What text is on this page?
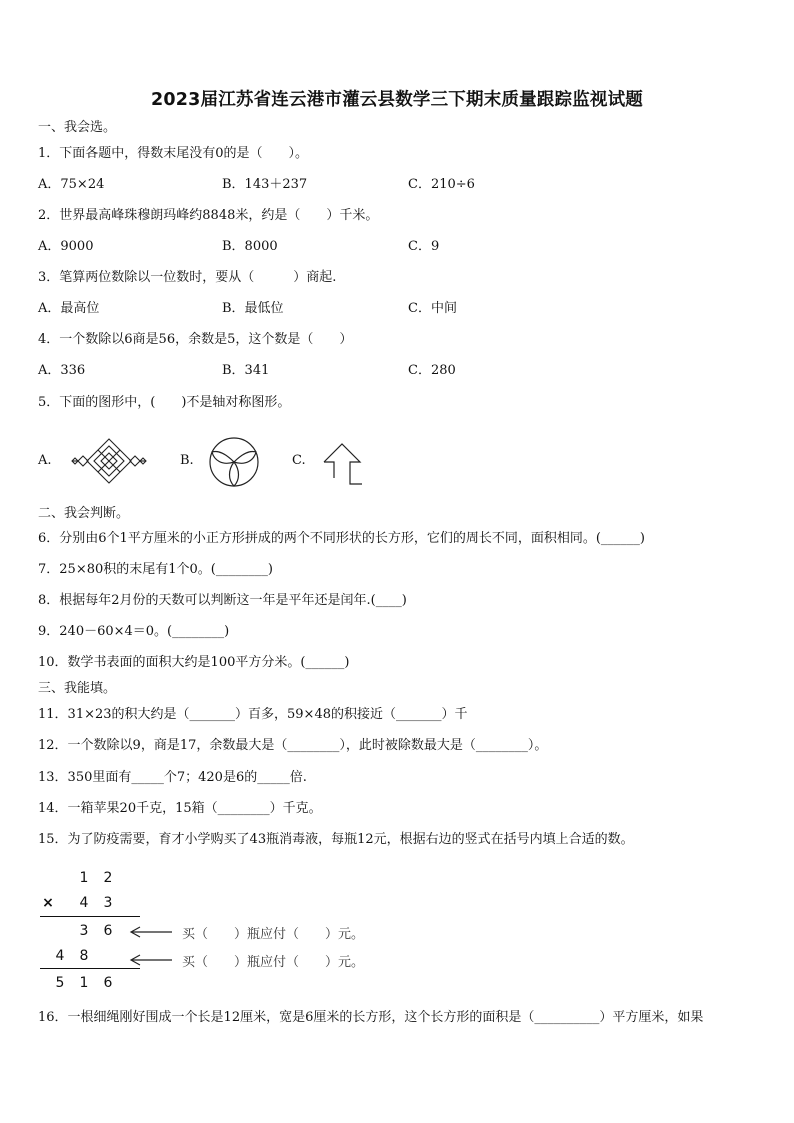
2023届江苏省连云港市灌云县数学三下期末质量跟踪监视试题
一、我会选。
1．下面各题中，得数末尾没有0的是（　　）。
A．75×24	B．143＋237	C．210÷6
2．世界最高峰珠穆朗玛峰约8848米，约是（　　）千米。
A．9000	B．8000	C．9
3．笔算两位数除以一位数时，要从（　　　）商起.
A．最高位	B．最低位	C．中间
4．一个数除以6商是56，余数是5，这个数是（　　）
A．336	B．341	C．280
5．下面的图形中，(　　)不是轴对称图形。
A.	B.	C.
二、我会判断。
6．分别由6个1平方厘米的小正方形拼成的两个不同形状的长方形，它们的周长不同，面积相同。(______)
7．25×80积的末尾有1个0。(________)
8．根据每年2月份的天数可以判断这一年是平年还是闰年.(____)
9．240－60×4＝0。(________)
10．数学书表面的面积大约是100平方分米。(______)
三、我能填。
11．31×23的积大约是（_______）百多，59×48的积接近（_______）千
12．一个数除以9，商是17，余数最大是（________），此时被除数最大是（________）。
13．350里面有_____个7；420是6的_____倍.
14．一箱苹果20千克，15箱（________）千克。
15．为了防疫需要，育才小学购买了43瓶消毒液，每瓶12元，根据右边的竖式在括号内填上合适的数。
1 2
× 4 3
3 6
4 8
5 1 6
买（　　）瓶应付（　　）元。
买（　　）瓶应付（　　）元。
16．一根细绳刚好围成一个长是12厘米，宽是6厘米的长方形，这个长方形的面积是（__________）平方厘米，如果
